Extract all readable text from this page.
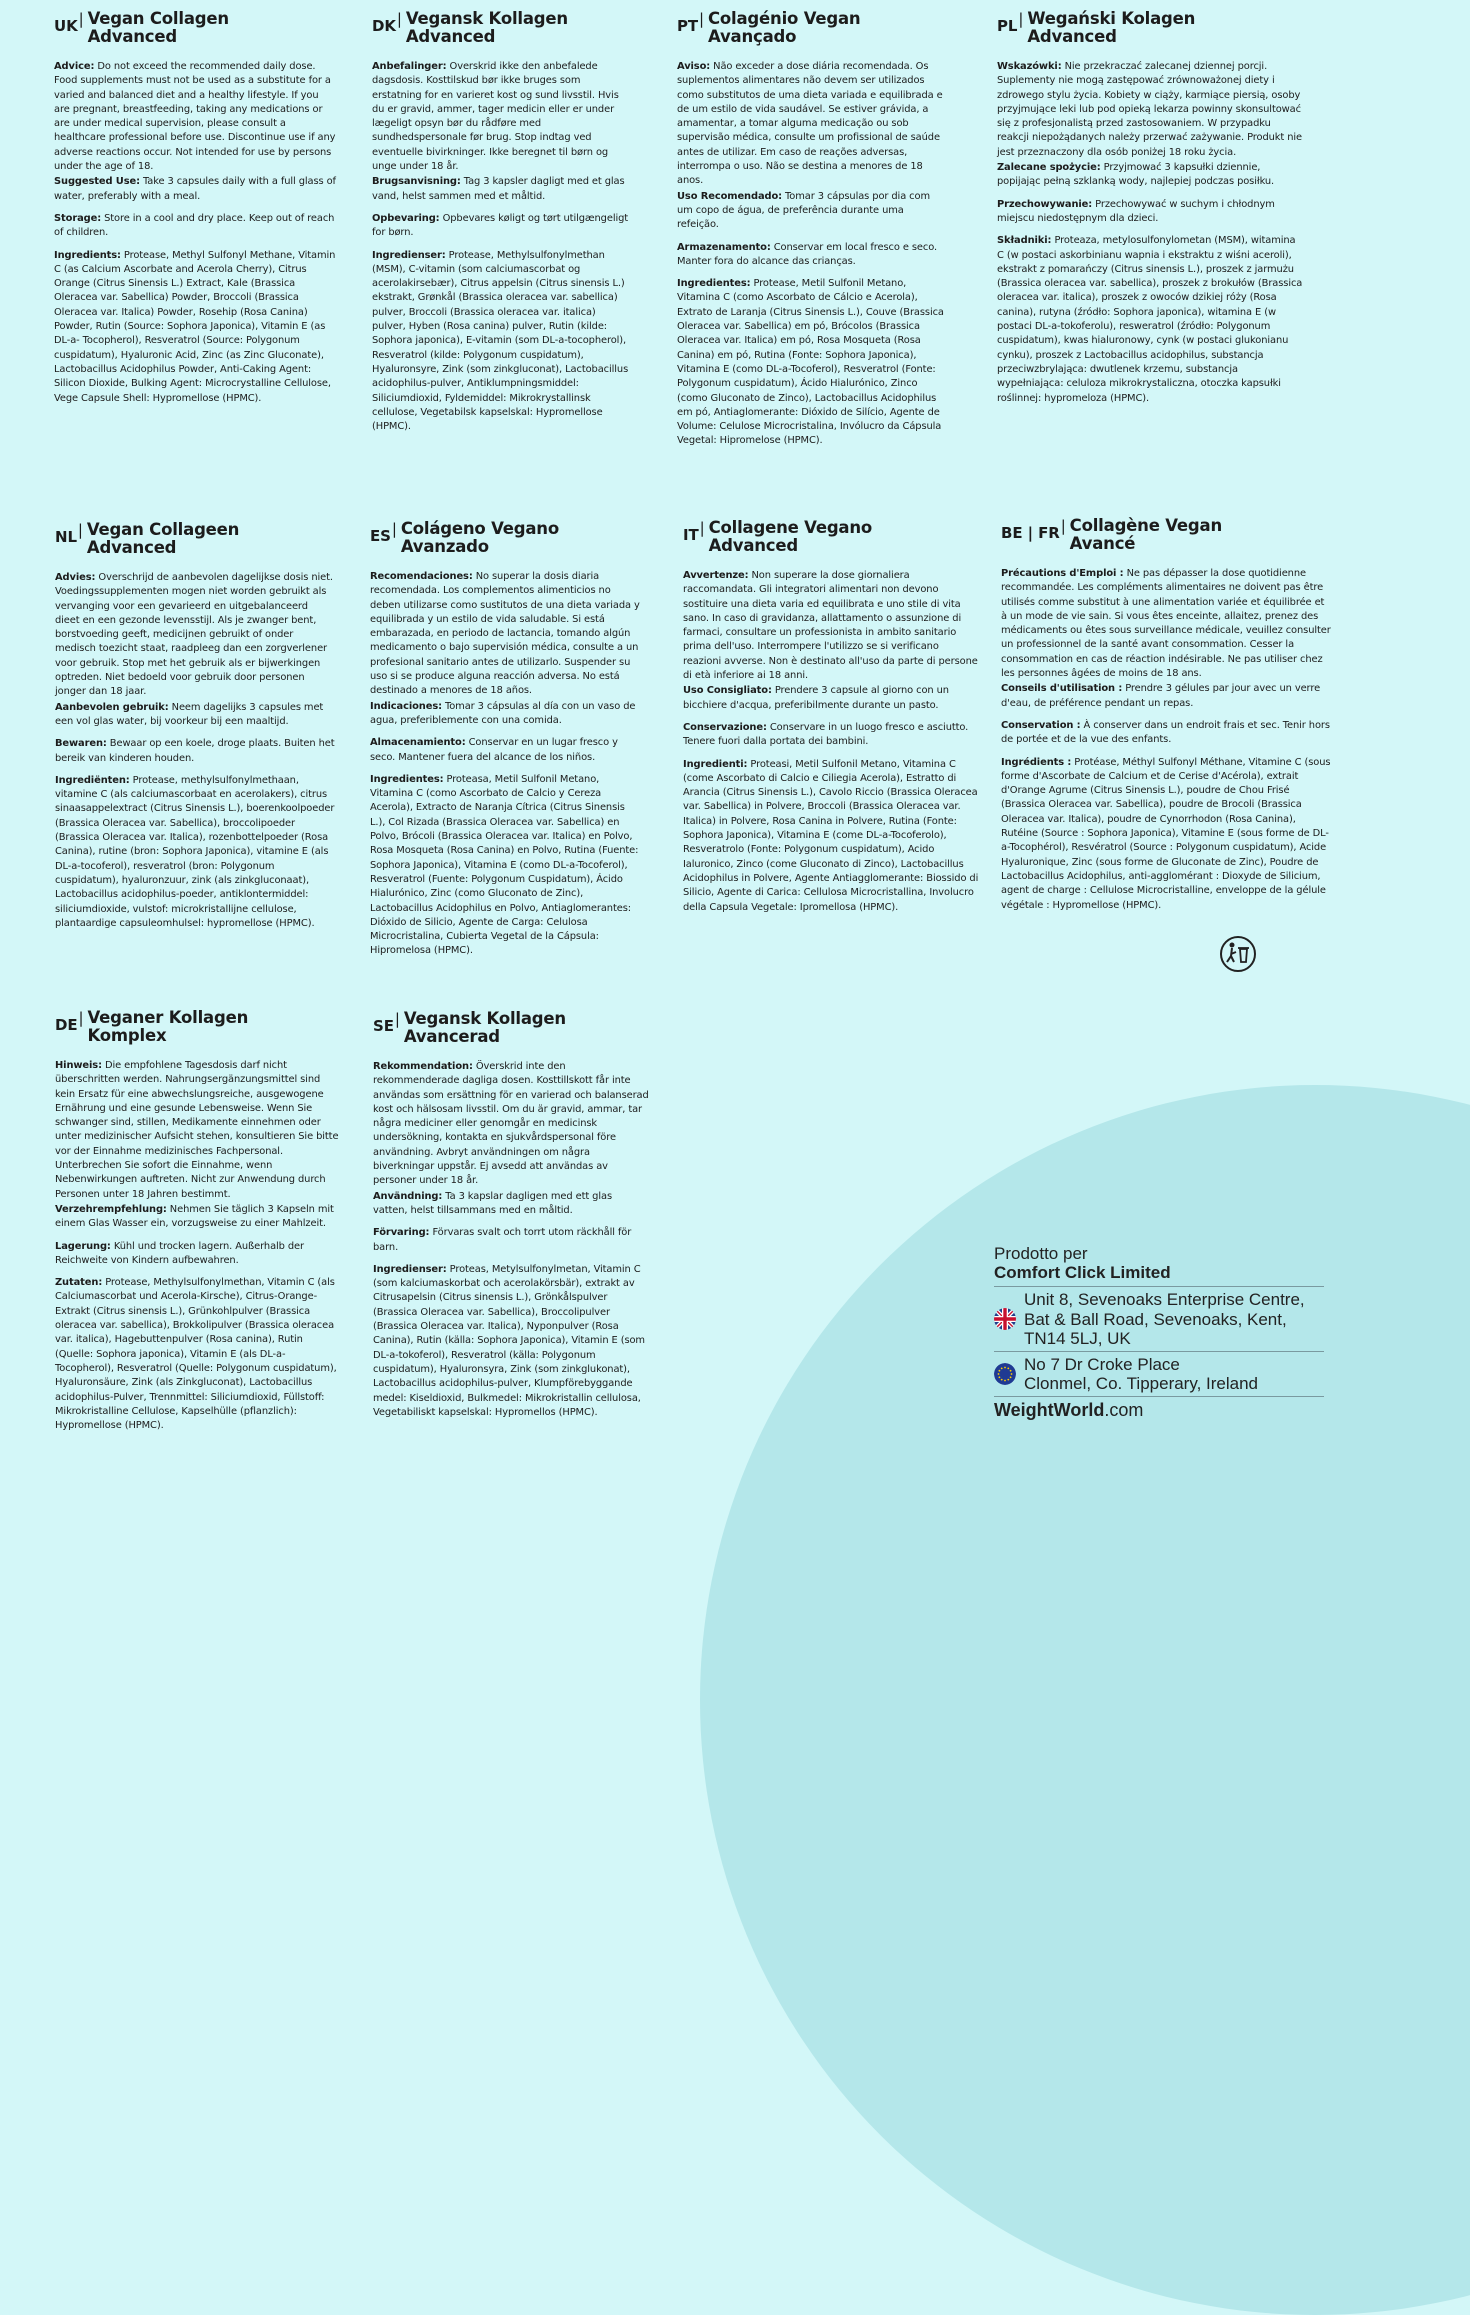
UK | Vegan Collagen
Advanced
Advice: Do not exceed the recommended daily dose. Food supplements must not be used as a substitute for a varied and balanced diet and a healthy lifestyle. If you are pregnant, breastfeeding, taking any medications or are under medical supervision, please consult a healthcare professional before use. Discontinue use if any adverse reactions occur. Not intended for use by persons under the age of 18.
Suggested Use: Take 3 capsules daily with a full glass of water, preferably with a meal.
Storage: Store in a cool and dry place. Keep out of reach of children.
Ingredients: Protease, Methyl Sulfonyl Methane, Vitamin C (as Calcium Ascorbate and Acerola Cherry), Citrus Orange (Citrus Sinensis L.) Extract, Kale (Brassica Oleracea var. Sabellica) Powder, Broccoli (Brassica Oleracea var. Italica) Powder, Rosehip (Rosa Canina) Powder, Rutin (Source: Sophora Japonica), Vitamin E (as DL-a- Tocopherol), Resveratrol (Source: Polygonum cuspidatum), Hyaluronic Acid, Zinc (as Zinc Gluconate), Lactobacillus Acidophilus Powder, Anti-Caking Agent: Silicon Dioxide, Bulking Agent: Microcrystalline Cellulose, Vege Capsule Shell: Hypromellose (HPMC).
DK | Vegansk Kollagen
Advanced
Anbefalinger: Overskrid ikke den anbefalede dagsdosis. Kosttilskud bør ikke bruges som erstatning for en varieret kost og sund livsstil. Hvis du er gravid, ammer, tager medicin eller er under lægeligt opsyn bør du rådføre med sundhedspersonale før brug. Stop indtag ved eventuelle bivirkninger. Ikke beregnet til børn og unge under 18 år.
Brugsanvisning: Tag 3 kapsler dagligt med et glas vand, helst sammen med et måltid.
Opbevaring: Opbevares køligt og tørt utilgængeligt for børn.
Ingredienser: Protease, Methylsulfonylmethan (MSM), C-vitamin (som calciumascorbat og acerolakirsebær), Citrus appelsin (Citrus sinensis L.) ekstrakt, Grønkål (Brassica oleracea var. sabellica) pulver, Broccoli (Brassica oleracea var. italica) pulver, Hyben (Rosa canina) pulver, Rutin (kilde: Sophora japonica), E-vitamin (som DL-a-tocopherol), Resveratrol (kilde: Polygonum cuspidatum), Hyaluronsyre, Zink (som zinkgluconat), Lactobacillus acidophilus-pulver, Antiklumpningsmiddel: Siliciumdioxid, Fyldemiddel: Mikrokrystallinsk cellulose, Vegetabilsk kapselskal: Hypromellose (HPMC).
PT | Colagénio Vegan
Avançado
Aviso: Não exceder a dose diária recomendada. Os suplementos alimentares não devem ser utilizados como substitutos de uma dieta variada e equilibrada e de um estilo de vida saudável. Se estiver grávida, a amamentar, a tomar alguma medicação ou sob supervisão médica, consulte um profissional de saúde antes de utilizar. Em caso de reações adversas, interrompa o uso. Não se destina a menores de 18 anos.
Uso Recomendado: Tomar 3 cápsulas por dia com um copo de água, de preferência durante uma refeição.
Armazenamento: Conservar em local fresco e seco. Manter fora do alcance das crianças.
Ingredientes: Protease, Metil Sulfonil Metano, Vitamina C (como Ascorbato de Cálcio e Acerola), Extrato de Laranja (Citrus Sinensis L.), Couve (Brassica Oleracea var. Sabellica) em pó, Brócolos (Brassica Oleracea var. Italica) em pó, Rosa Mosqueta (Rosa Canina) em pó, Rutina (Fonte: Sophora Japonica), Vitamina E (como DL-a-Tocoferol), Resveratrol (Fonte: Polygonum cuspidatum), Ácido Hialurónico, Zinco (como Gluconato de Zinco), Lactobacillus Acidophilus em pó, Antiaglomerante: Dióxido de Silício, Agente de Volume: Celulose Microcristalina, Invólucro da Cápsula Vegetal: Hipromelose (HPMC).
PL | Wegański Kolagen
Advanced
Wskazówki: Nie przekraczać zalecanej dziennej porcji. Suplementy nie mogą zastępować zrównoważonej diety i zdrowego stylu życia. Kobiety w ciąży, karmiące piersią, osoby przyjmujące leki lub pod opieką lekarza powinny skonsultować się z profesjonalistą przed zastosowaniem. W przypadku reakcji niepożądanych należy przerwać zażywanie. Produkt nie jest przeznaczony dla osób poniżej 18 roku życia.
Zalecane spożycie: Przyjmować 3 kapsułki dziennie, popijając pełną szklanką wody, najlepiej podczas posiłku.
Przechowywanie: Przechowywać w suchym i chłodnym miejscu niedostępnym dla dzieci.
Składniki: Proteaza, metylosulfonylometan (MSM), witamina C (w postaci askorbinianu wapnia i ekstraktu z wiśni aceroli), ekstrakt z pomarańczy (Citrus sinensis L.), proszek z jarmużu (Brassica oleracea var. sabellica), proszek z brokułów (Brassica oleracea var. italica), proszek z owoców dzikiej róży (Rosa canina), rutyna (źródło: Sophora japonica), witamina E (w postaci DL-a-tokoferolu), resweratrol (źródło: Polygonum cuspidatum), kwas hialuronowy, cynk (w postaci glukonianu cynku), proszek z Lactobacillus acidophilus, substancja przeciwzbrylająca: dwutlenek krzemu, substancja wypełniająca: celuloza mikrokrystaliczna, otoczka kapsułki roślinnej: hypromeloza (HPMC).
NL | Vegan Collageen
Advanced
Advies: Overschrijd de aanbevolen dagelijkse dosis niet. Voedingssupplementen mogen niet worden gebruikt als vervanging voor een gevarieerd en uitgebalanceerd dieet en een gezonde levensstijl. Als je zwanger bent, borstvoeding geeft, medicijnen gebruikt of onder medisch toezicht staat, raadpleeg dan een zorgverlener voor gebruik. Stop met het gebruik als er bijwerkingen optreden. Niet bedoeld voor gebruik door personen jonger dan 18 jaar.
Aanbevolen gebruik: Neem dagelijks 3 capsules met een vol glas water, bij voorkeur bij een maaltijd.
Bewaren: Bewaar op een koele, droge plaats. Buiten het bereik van kinderen houden.
Ingrediënten: Protease, methylsulfonylmethaan, vitamine C (als calciumascorbaat en acerolakers), citrus sinaasappelextract (Citrus Sinensis L.), boerenkoolpoeder (Brassica Oleracea var. Sabellica), broccolipoeder (Brassica Oleracea var. Italica), rozenbottelpoeder (Rosa Canina), rutine (bron: Sophora Japonica), vitamine E (als DL-a-tocoferol), resveratrol (bron: Polygonum cuspidatum), hyaluronzuur, zink (als zinkgluconaat), Lactobacillus acidophilus-poeder, antiklontermiddel: siliciumdioxide, vulstof: microkristallijne cellulose, plantaardige capsuleomhulsel: hypromellose (HPMC).
ES | Colágeno Vegano
Avanzado
Recomendaciones: No superar la dosis diaria recomendada. Los complementos alimenticios no deben utilizarse como sustitutos de una dieta variada y equilibrada y un estilo de vida saludable. Si está embarazada, en periodo de lactancia, tomando algún medicamento o bajo supervisión médica, consulte a un profesional sanitario antes de utilizarlo. Suspender su uso si se produce alguna reacción adversa. No está destinado a menores de 18 años.
Indicaciones: Tomar 3 cápsulas al día con un vaso de agua, preferiblemente con una comida.
Almacenamiento: Conservar en un lugar fresco y seco. Mantener fuera del alcance de los niños.
Ingredientes: Proteasa, Metil Sulfonil Metano, Vitamina C (como Ascorbato de Calcio y Cereza Acerola), Extracto de Naranja Cítrica (Citrus Sinensis L.), Col Rizada (Brassica Oleracea var. Sabellica) en Polvo, Brócoli (Brassica Oleracea var. Italica) en Polvo, Rosa Mosqueta (Rosa Canina) en Polvo, Rutina (Fuente: Sophora Japonica), Vitamina E (como DL-a-Tocoferol), Resveratrol (Fuente: Polygonum Cuspidatum), Ácido Hialurónico, Zinc (como Gluconato de Zinc), Lactobacillus Acidophilus en Polvo, Antiaglomerantes: Dióxido de Silicio, Agente de Carga: Celulosa Microcristalina, Cubierta Vegetal de la Cápsula: Hipromelosa (HPMC).
IT | Collagene Vegano
Advanced
Avvertenze: Non superare la dose giornaliera raccomandata. Gli integratori alimentari non devono sostituire una dieta varia ed equilibrata e uno stile di vita sano. In caso di gravidanza, allattamento o assunzione di farmaci, consultare un professionista in ambito sanitario prima dell'uso. Interrompere l'utilizzo se si verificano reazioni avverse. Non è destinato all'uso da parte di persone di età inferiore ai 18 anni.
Uso Consigliato: Prendere 3 capsule al giorno con un bicchiere d'acqua, preferibilmente durante un pasto.
Conservazione: Conservare in un luogo fresco e asciutto. Tenere fuori dalla portata dei bambini.
Ingredienti: Proteasi, Metil Sulfonil Metano, Vitamina C (come Ascorbato di Calcio e Ciliegia Acerola), Estratto di Arancia (Citrus Sinensis L.), Cavolo Riccio (Brassica Oleracea var. Sabellica) in Polvere, Broccoli (Brassica Oleracea var. Italica) in Polvere, Rosa Canina in Polvere, Rutina (Fonte: Sophora Japonica), Vitamina E (come DL-a-Tocoferolo), Resveratrolo (Fonte: Polygonum cuspidatum), Acido Ialuronico, Zinco (come Gluconato di Zinco), Lactobacillus Acidophilus in Polvere, Agente Antiagglomerante: Biossido di Silicio, Agente di Carica: Cellulosa Microcristallina, Involucro della Capsula Vegetale: Ipromellosa (HPMC).
BE | FR | Collagène Vegan
Avancé
Précautions d'Emploi : Ne pas dépasser la dose quotidienne recommandée. Les compléments alimentaires ne doivent pas être utilisés comme substitut à une alimentation variée et équilibrée et à un mode de vie sain. Si vous êtes enceinte, allaitez, prenez des médicaments ou êtes sous surveillance médicale, veuillez consulter un professionnel de la santé avant consommation. Cesser la consommation en cas de réaction indésirable. Ne pas utiliser chez les personnes âgées de moins de 18 ans.
Conseils d'utilisation : Prendre 3 gélules par jour avec un verre d'eau, de préférence pendant un repas.
Conservation : À conserver dans un endroit frais et sec. Tenir hors de portée et de la vue des enfants.
Ingrédients : Protéase, Méthyl Sulfonyl Méthane, Vitamine C (sous forme d'Ascorbate de Calcium et de Cerise d'Acérola), extrait d'Orange Agrume (Citrus Sinensis L.), poudre de Chou Frisé (Brassica Oleracea var. Sabellica), poudre de Brocoli (Brassica Oleracea var. Italica), poudre de Cynorrhodon (Rosa Canina), Rutéine (Source : Sophora Japonica), Vitamine E (sous forme de DL-a-Tocophérol), Resvératrol (Source : Polygonum cuspidatum), Acide Hyaluronique, Zinc (sous forme de Gluconate de Zinc), Poudre de Lactobacillus Acidophilus, anti-agglomérant : Dioxyde de Silicium, agent de charge : Cellulose Microcristalline, enveloppe de la gélule végétale : Hypromellose (HPMC).
DE | Veganer Kollagen
Komplex
Hinweis: Die empfohlene Tagesdosis darf nicht überschritten werden. Nahrungsergänzungsmittel sind kein Ersatz für eine abwechslungsreiche, ausgewogene Ernährung und eine gesunde Lebensweise. Wenn Sie schwanger sind, stillen, Medikamente einnehmen oder unter medizinischer Aufsicht stehen, konsultieren Sie bitte vor der Einnahme medizinisches Fachpersonal. Unterbrechen Sie sofort die Einnahme, wenn Nebenwirkungen auftreten. Nicht zur Anwendung durch Personen unter 18 Jahren bestimmt.
Verzehrempfehlung: Nehmen Sie täglich 3 Kapseln mit einem Glas Wasser ein, vorzugsweise zu einer Mahlzeit.
Lagerung: Kühl und trocken lagern. Außerhalb der Reichweite von Kindern aufbewahren.
Zutaten: Protease, Methylsulfonylmethan, Vitamin C (als Calciumascorbat und Acerola-Kirsche), Citrus-Orange-Extrakt (Citrus sinensis L.), Grünkohlpulver (Brassica oleracea var. sabellica), Brokkolipulver (Brassica oleracea var. italica), Hagebuttenpulver (Rosa canina), Rutin (Quelle: Sophora japonica), Vitamin E (als DL-a-Tocopherol), Resveratrol (Quelle: Polygonum cuspidatum), Hyaluronsäure, Zink (als Zinkgluconat), Lactobacillus acidophilus-Pulver, Trennmittel: Siliciumdioxid, Füllstoff: Mikrokristalline Cellulose, Kapselhülle (pflanzlich): Hypromellose (HPMC).
SE | Vegansk Kollagen
Avancerad
Rekommendation: Överskrid inte den rekommenderade dagliga dosen. Kosttillskott får inte användas som ersättning för en varierad och balanserad kost och hälsosam livsstil. Om du är gravid, ammar, tar några mediciner eller genomgår en medicinsk undersökning, kontakta en sjukvårdspersonal före användning. Avbryt användningen om några biverkningar uppstår. Ej avsedd att användas av personer under 18 år.
Användning: Ta 3 kapslar dagligen med ett glas vatten, helst tillsammans med en måltid.
Förvaring: Förvaras svalt och torrt utom räckhåll för barn.
Ingredienser: Proteas, Metylsulfonylmetan, Vitamin C (som kalciumaskorbat och acerolakörsbär), extrakt av Citrusapelsin (Citrus sinensis L.), Grönkålspulver (Brassica Oleracea var. Sabellica), Broccolipulver (Brassica Oleracea var. Italica), Nyponpulver (Rosa Canina), Rutin (källa: Sophora Japonica), Vitamin E (som DL-a-tokoferol), Resveratrol (källa: Polygonum cuspidatum), Hyaluronsyra, Zink (som zinkglukonat), Lactobacillus acidophilus-pulver, Klumpförebyggande medel: Kiseldioxid, Bulkmedel: Mikrokristallin cellulosa, Vegetabiliskt kapselskal: Hypromellos (HPMC).
Prodotto per
Comfort Click Limited
Unit 8, Sevenoaks Enterprise Centre,
Bat & Ball Road, Sevenoaks, Kent,
TN14 5LJ, UK
No 7 Dr Croke Place
Clonmel, Co. Tipperary, Ireland
WeightWorld.com
